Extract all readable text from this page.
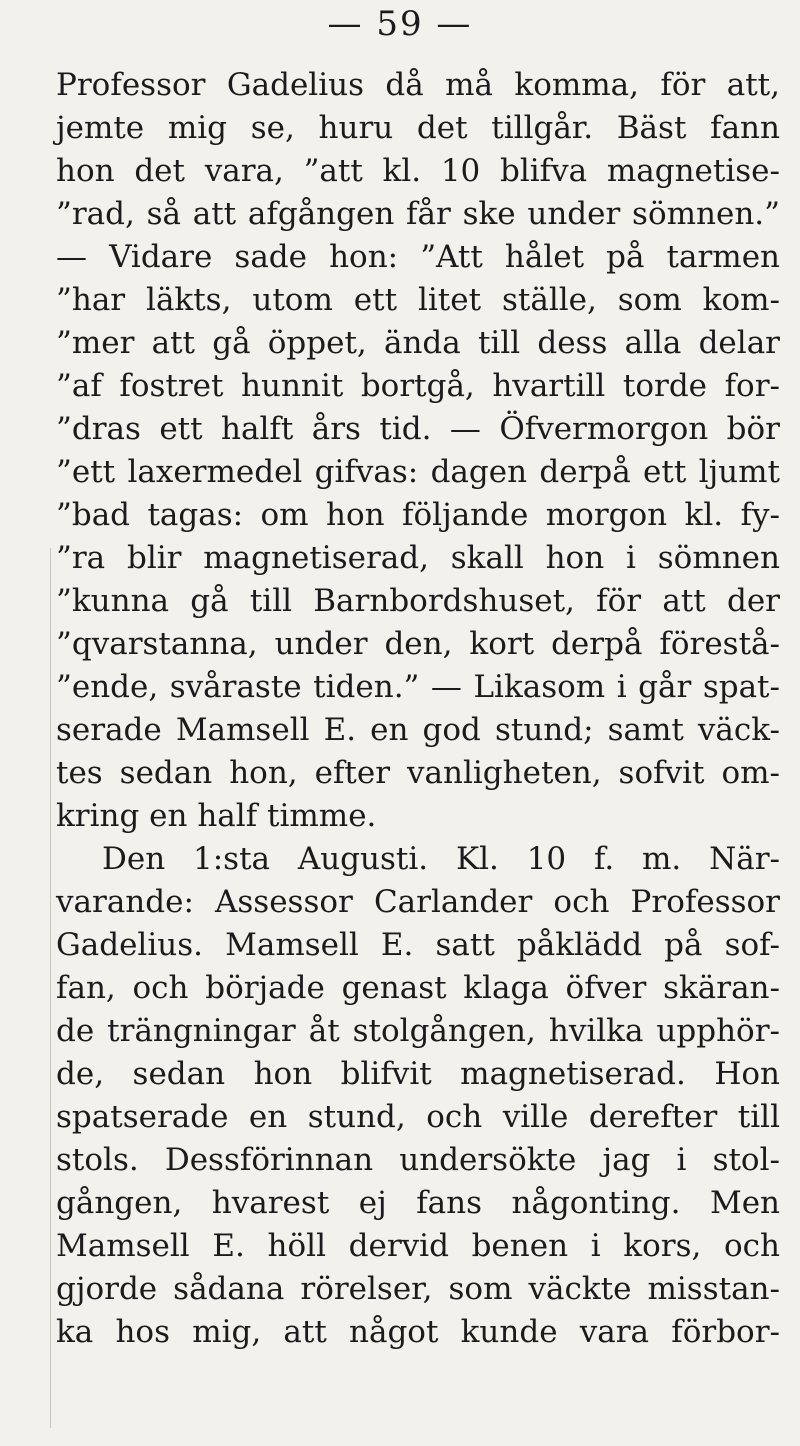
— 59 —
Professor Gadelius då må komma, för att,
jemte mig se, huru det tillgår. Bäst fann
hon det vara, ”att kl. 10 blifva magnetise-
”rad, så att afgången får ske under sömnen.”
— Vidare sade hon: ”Att hålet på tarmen
”har läkts, utom ett litet ställe, som kom-
”mer att gå öppet, ända till dess alla delar
”af fostret hunnit bortgå, hvartill torde for-
”dras ett halft års tid. — Öfvermorgon bör
”ett laxermedel gifvas: dagen derpå ett ljumt
”bad tagas: om hon följande morgon kl. fy-
”ra blir magnetiserad, skall hon i sömnen
”kunna gå till Barnbordshuset, för att der
”qvarstanna, under den, kort derpå förestå-
”ende, svåraste tiden.” — Likasom i går spat-
serade Mamsell E. en god stund; samt väck-
tes sedan hon, efter vanligheten, sofvit om-
kring en half timme.
Den 1:sta Augusti. Kl. 10 f. m. När-
varande: Assessor Carlander och Professor
Gadelius. Mamsell E. satt påklädd på sof-
fan, och började genast klaga öfver skäran-
de trängningar åt stolgången, hvilka upphör-
de, sedan hon blifvit magnetiserad. Hon
spatserade en stund, och ville derefter till
stols. Dessförinnan undersökte jag i stol-
gången, hvarest ej fans någonting. Men
Mamsell E. höll dervid benen i kors, och
gjorde sådana rörelser, som väckte misstan-
ka hos mig, att något kunde vara förbor-
